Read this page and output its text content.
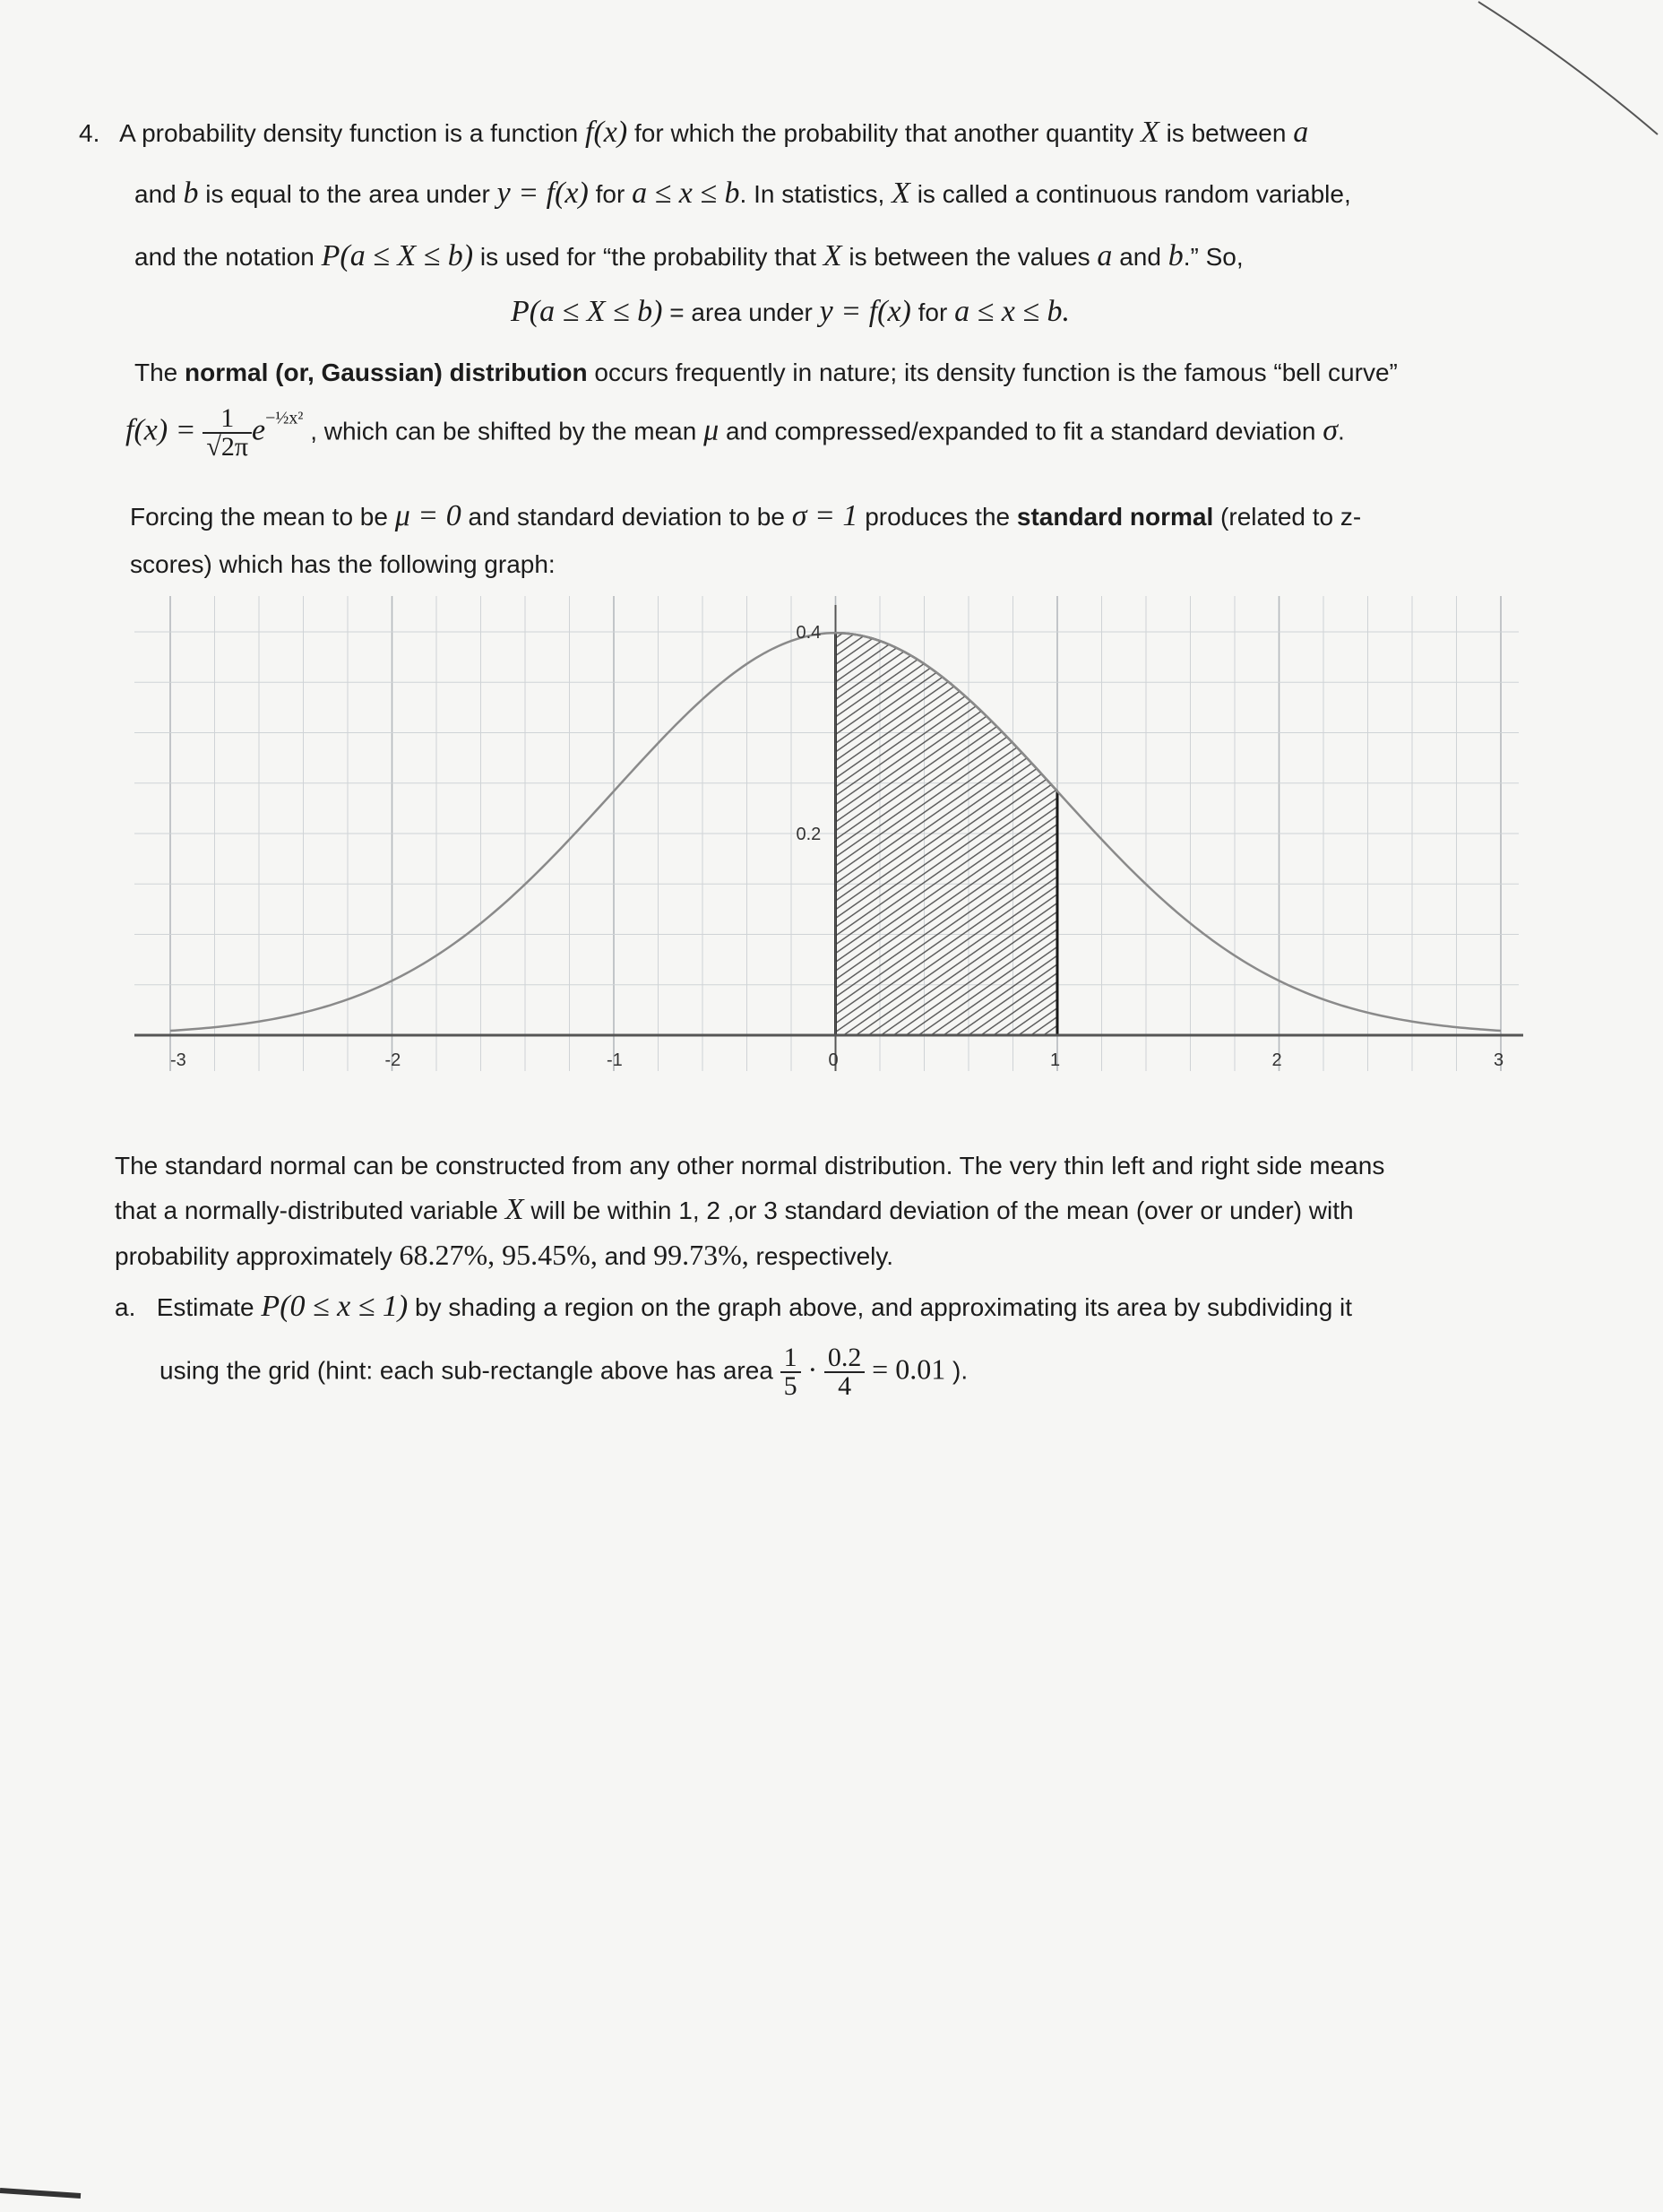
4. A probability density function is a function f(x) for which the probability that another quantity X is between a
and b is equal to the area under y = f(x) for a ≤ x ≤ b. In statistics, X is called a continuous random variable,
and the notation P(a ≤ X ≤ b) is used for “the probability that X is between the values a and b.” So,
P(a ≤ X ≤ b) = area under y = f(x) for a ≤ x ≤ b.
The normal (or, Gaussian) distribution occurs frequently in nature; its density function is the famous “bell curve”
$f(x) = \frac{1}{√2\pi} e^{-\frac{1}{2}x^2}$ , which can be shifted by the mean μ and compressed/expanded to fit a standard deviation σ.
Forcing the mean to be μ = 0 and standard deviation to be σ = 1 produces the standard normal (related to z-
scores) which has the following graph:
-3	-2	-1	0	1	2	3
0.4
0.2
The standard normal can be constructed from any other normal distribution. The very thin left and right side means
that a normally-distributed variable X will be within 1, 2 ,or 3 standard deviation of the mean (over or under) with
probability approximately 68.27%, 95.45%, and 99.73%, respectively.
a. Estimate P(0 ≤ x ≤ 1) by shading a region on the graph above, and approximating its area by subdividing it
using the grid (hint: each sub-rectangle above has area $\frac{1}{5} \cdot \frac{0.2}{4} = 0.01$ ).
